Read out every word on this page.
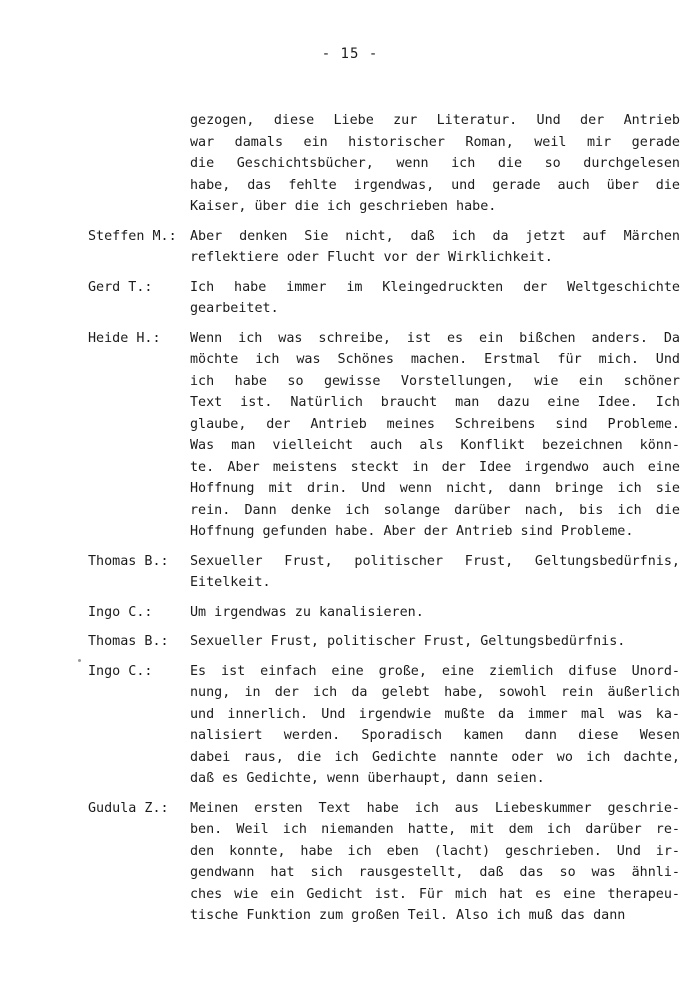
- 15 -
gezogen, diese Liebe zur Literatur. Und der Antrieb
war damals ein historischer Roman, weil mir gerade
die Geschichtsbücher, wenn ich die so durchgelesen
habe, das fehlte irgendwas, und gerade auch über die
Kaiser, über die ich geschrieben habe.
Steffen M.: Aber denken Sie nicht, daß ich da jetzt auf Märchen
reflektiere oder Flucht vor der Wirklichkeit.
Gerd T.:	Ich habe immer im Kleingedruckten der Weltgeschichte
gearbeitet.
Heide H.: Wenn ich was schreibe, ist es ein bißchen anders. Da
möchte ich was Schönes machen. Erstmal für mich. Und
ich habe so gewisse Vorstellungen, wie ein schöner
Text ist. Natürlich braucht man dazu eine Idee. Ich
glaube, der Antrieb meines Schreibens sind Probleme.
Was man vielleicht auch als Konflikt bezeichnen könn-
te. Aber meistens steckt in der Idee irgendwo auch eine
Hoffnung mit drin. Und wenn nicht, dann bringe ich sie
rein. Dann denke ich solange darüber nach, bis ich die
Hoffnung gefunden habe. Aber der Antrieb sind Probleme.
Thomas B.: Sexueller Frust, politischer Frust, Geltungsbedürfnis,
Eitelkeit.
Ingo C.:	Um irgendwas zu kanalisieren.
Thomas B.: Sexueller Frust, politischer Frust, Geltungsbedürfnis.
Ingo C.:	Es ist einfach eine große, eine ziemlich difuse Unord-
nung, in der ich da gelebt habe, sowohl rein äußerlich
und innerlich. Und irgendwie mußte da immer mal was ka-
nalisiert werden. Sporadisch kamen dann diese Wesen
dabei raus, die ich Gedichte nannte oder wo ich dachte,
daß es Gedichte, wenn überhaupt, dann seien.
Gudula Z.: Meinen ersten Text habe ich aus Liebeskummer geschrie-
ben. Weil ich niemanden hatte, mit dem ich darüber re-
den konnte, habe ich eben (lacht) geschrieben. Und ir-
gendwann hat sich rausgestellt, daß das so was ähnli-
ches wie ein Gedicht ist. Für mich hat es eine therapeu-
tische Funktion zum großen Teil. Also ich muß das dann
